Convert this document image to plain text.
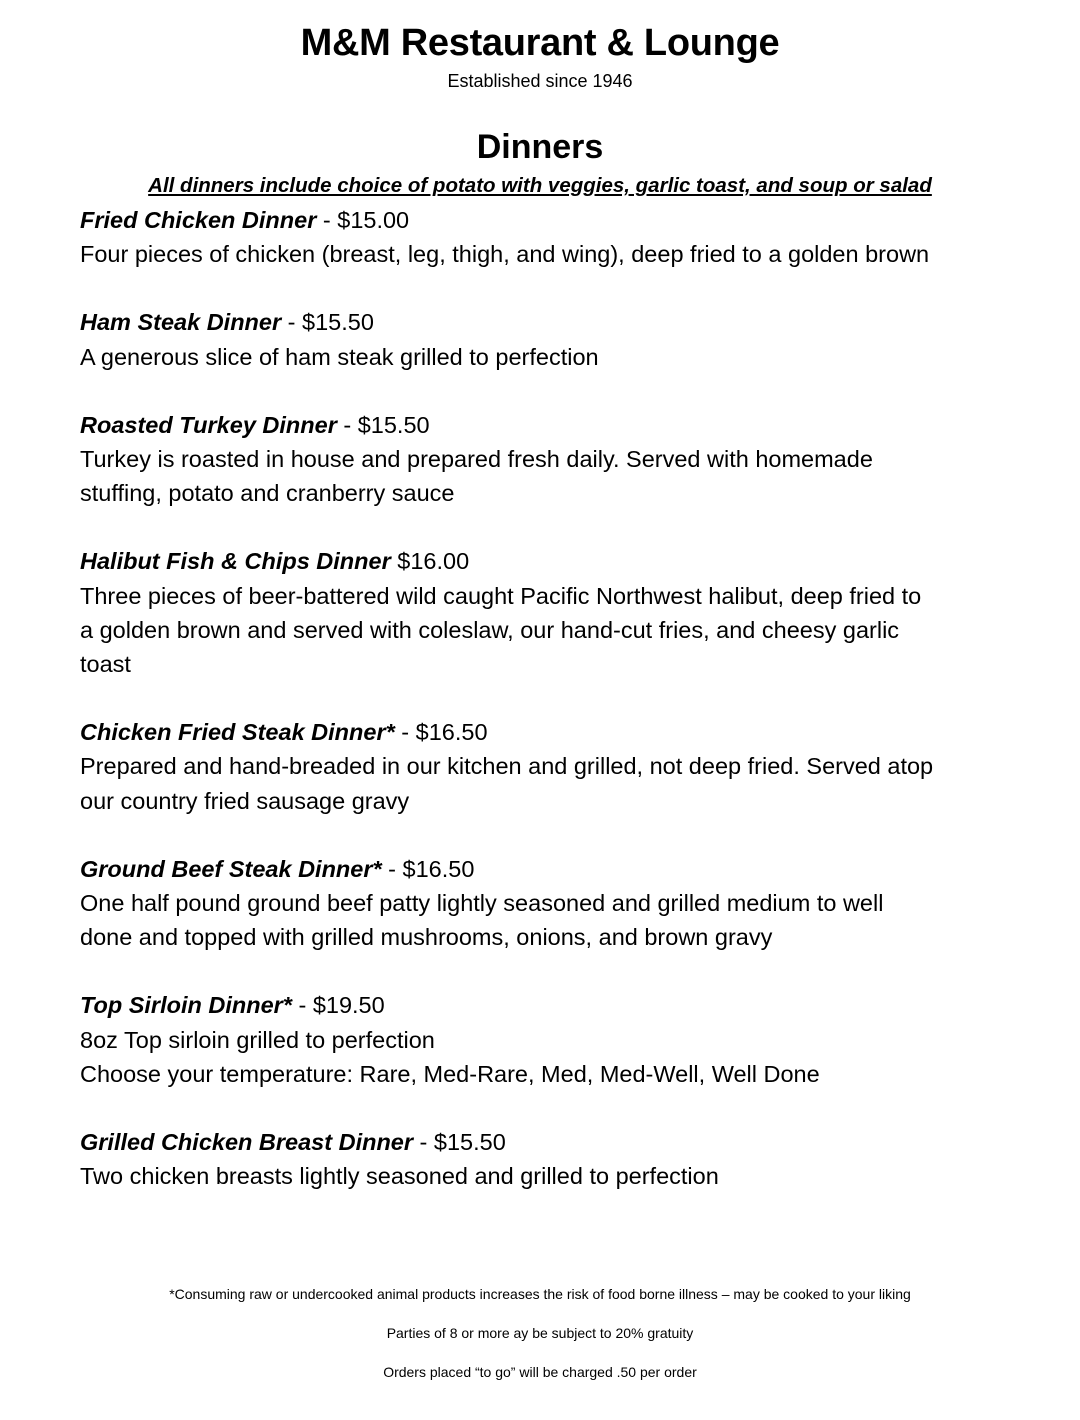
M&M Restaurant & Lounge
Established since 1946
Dinners
All dinners include choice of potato with veggies, garlic toast, and soup or salad

Fried Chicken Dinner - $15.00

Four pieces of chicken (breast, leg, thigh, and wing), deep fried to a golden brown

Ham Steak Dinner - $15.50

A generous slice of ham steak grilled to perfection

Roasted Turkey Dinner - $15.50

Turkey is roasted in house and prepared fresh daily. Served with homemade
stuffing, potato and cranberry sauce

Halibut Fish & Chips Dinner $16.00

Three pieces of beer-battered wild caught Pacific Northwest halibut, deep fried to
a golden brown and served with coleslaw, our hand-cut fries, and cheesy garlic
toast

Chicken Fried Steak Dinner* - $16.50

Prepared and hand-breaded in our kitchen and grilled, not deep fried. Served atop
our country fried sausage gravy

Ground Beef Steak Dinner* - $16.50

One half pound ground beef patty lightly seasoned and grilled medium to well
done and topped with grilled mushrooms, onions, and brown gravy

Top Sirloin Dinner* - $19.50

8oz Top sirloin grilled to perfection
Choose your temperature: Rare, Med-Rare, Med, Med-Well, Well Done

Grilled Chicken Breast Dinner - $15.50

Two chicken breasts lightly seasoned and grilled to perfection

*Consuming raw or undercooked animal products increases the risk of food borne illness – may be cooked to your liking
Parties of 8 or more ay be subject to 20% gratuity
Orders placed “to go” will be charged .50 per order
